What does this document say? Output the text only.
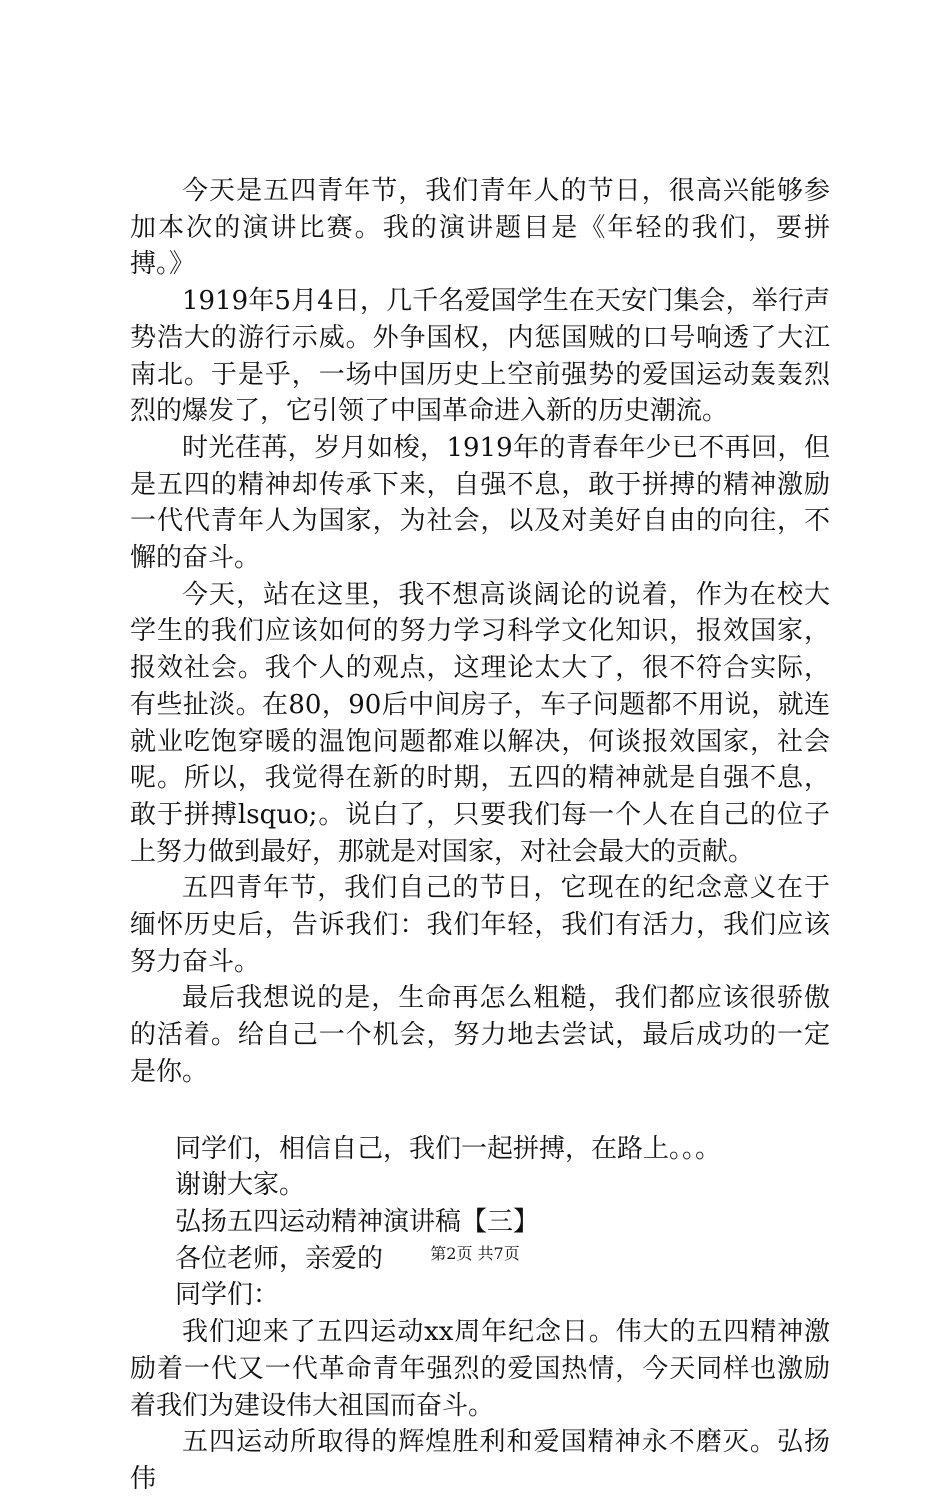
今天是五四青年节，我们青年人的节日，很高兴能够参加本次的演讲比赛。我的演讲题目是《年轻的我们，要拼搏。》

1919年5月4日，几千名爱国学生在天安门集会，举行声势浩大的游行示威。外争国权，内惩国贼的口号响透了大江南北。于是乎，一场中国历史上空前强势的爱国运动轰轰烈烈的爆发了，它引领了中国革命进入新的历史潮流。

时光荏苒，岁月如梭，1919年的青春年少已不再回，但是五四的精神却传承下来，自强不息，敢于拼搏的精神激励一代代青年人为国家，为社会，以及对美好自由的向往，不懈的奋斗。

今天，站在这里，我不想高谈阔论的说着，作为在校大学生的我们应该如何的努力学习科学文化知识，报效国家，报效社会。我个人的观点，这理论太大了，很不符合实际，有些扯淡。在80，90后中间房子，车子问题都不用说，就连就业吃饱穿暖的温饱问题都难以解决，何谈报效国家，社会呢。所以，我觉得在新的时期，五四的精神就是自强不息，敢于拼搏lsquo;。说白了，只要我们每一个人在自己的位子上努力做到最好，那就是对国家，对社会最大的贡献。

五四青年节，我们自己的节日，它现在的纪念意义在于缅怀历史后，告诉我们：我们年轻，我们有活力，我们应该努力奋斗。

最后我想说的是，生命再怎么粗糙，我们都应该很骄傲的活着。给自己一个机会，努力地去尝试，最后成功的一定是你。

同学们，相信自己，我们一起拼搏，在路上。。。

谢谢大家。

弘扬五四运动精神演讲稿【三】

各位老师，亲爱的

同学们：

我们迎来了五四运动xx周年纪念日。伟大的五四精神激励着一代又一代革命青年强烈的爱国热情，今天同样也激励着我们为建设伟大祖国而奋斗。

五四运动所取得的辉煌胜利和爱国精神永不磨灭。弘扬伟

第2页 共7页
